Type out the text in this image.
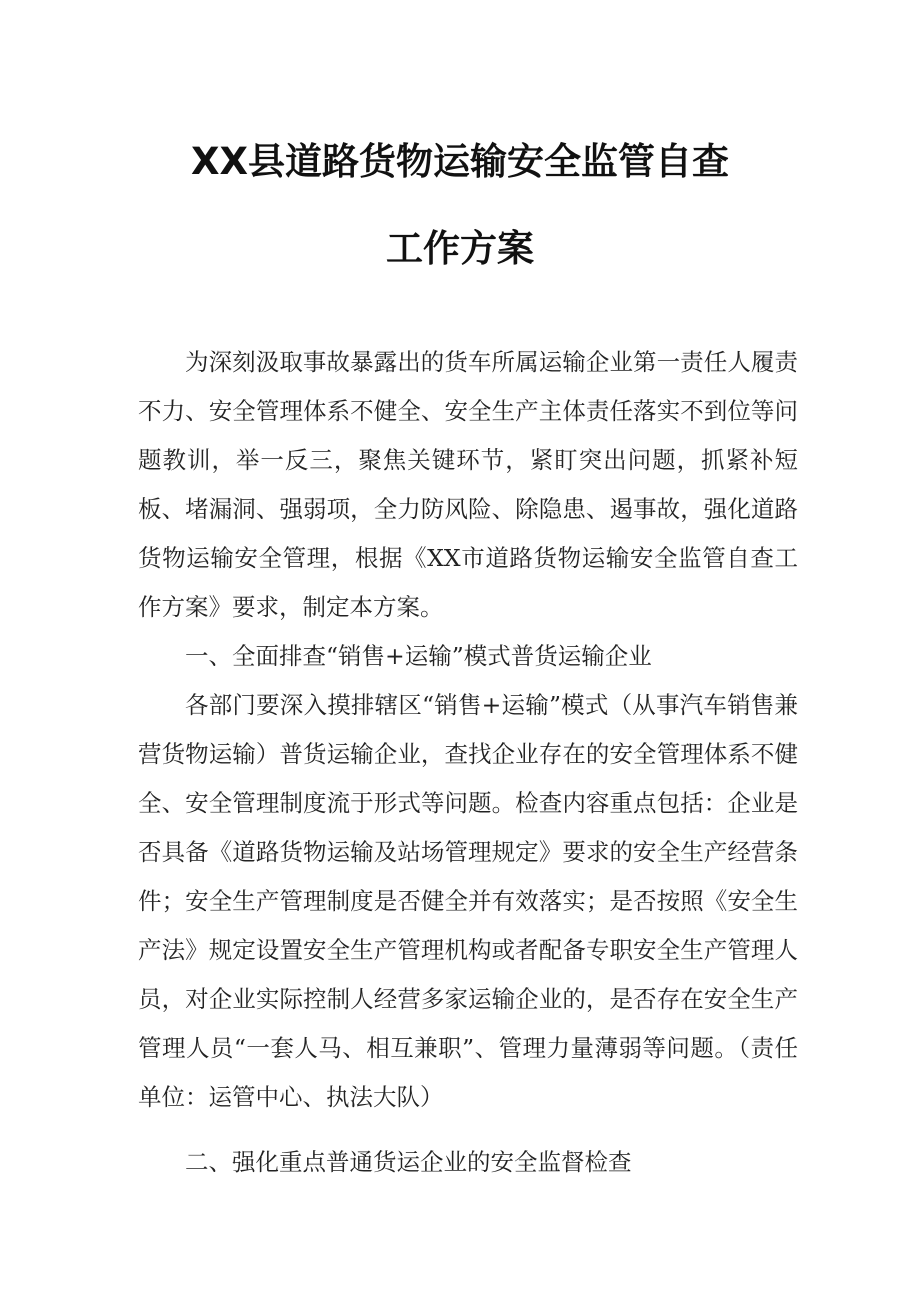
XX县道路货物运输安全监管自查
工作方案

为深刻汲取事故暴露出的货车所属运输企业第一责任人履责不力、安全管理体系不健全、安全生产主体责任落实不到位等问题教训，举一反三，聚焦关键环节，紧盯突出问题，抓紧补短板、堵漏洞、强弱项，全力防风险、除隐患、遏事故，强化道路货物运输安全管理，根据《XX市道路货物运输安全监管自查工作方案》要求，制定本方案。

一、全面排查“销售+运输”模式普货运输企业

各部门要深入摸排辖区“销售+运输”模式（从事汽车销售兼营货物运输）普货运输企业，查找企业存在的安全管理体系不健全、安全管理制度流于形式等问题。检查内容重点包括：企业是否具备《道路货物运输及站场管理规定》要求的安全生产经营条件；安全生产管理制度是否健全并有效落实；是否按照《安全生产法》规定设置安全生产管理机构或者配备专职安全生产管理人员，对企业实际控制人经营多家运输企业的，是否存在安全生产管理人员“一套人马、相互兼职”、管理力量薄弱等问题。（责任单位：运管中心、执法大队）

二、强化重点普通货运企业的安全监督检查
